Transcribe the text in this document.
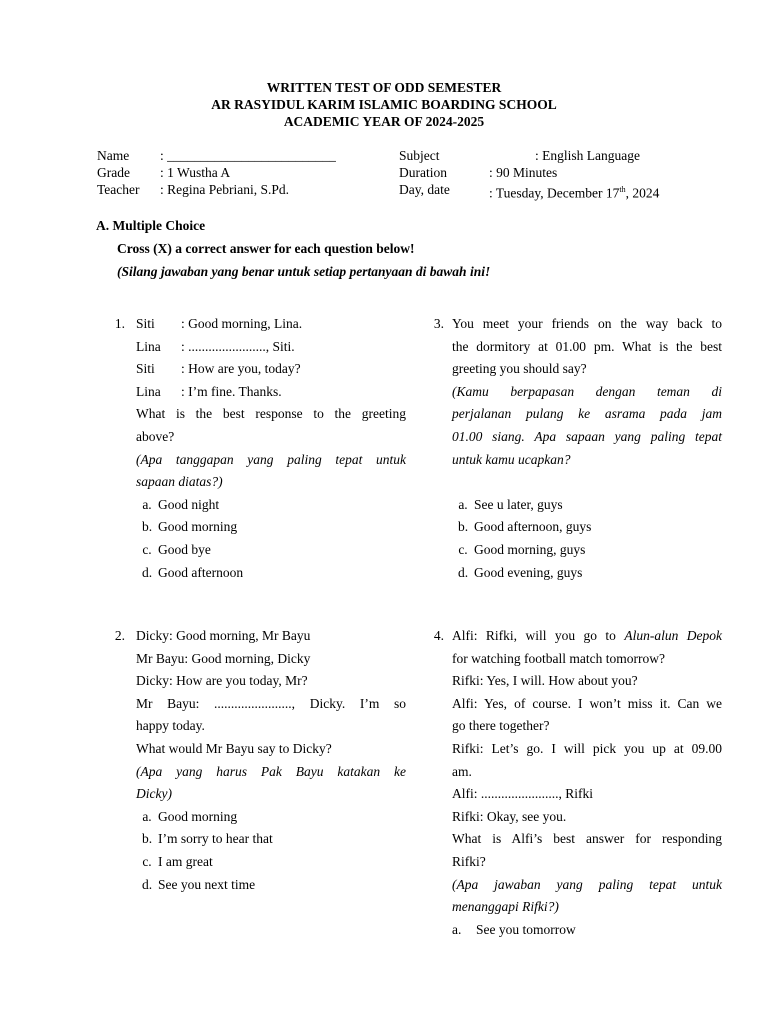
WRITTEN TEST OF ODD SEMESTER
AR RASYIDUL KARIM ISLAMIC BOARDING SCHOOL
ACADEMIC YEAR OF 2024-2025
Name	: _________________________
Grade	: 1 Wustha A
Teacher	: Regina Pebriani, S.Pd.
Subject	: English Language
Duration	: 90 Minutes
Day, date	: Tuesday, December 17th, 2024
A. Multiple Choice
Cross (X) a correct answer for each question below!
(Silang jawaban yang benar untuk setiap pertanyaan di bawah ini!
1. Siti	: Good morning, Lina.
Lina	: ......................., Siti.
Siti	: How are you, today?
Lina	: I’m fine. Thanks.
What is the best response to the greeting
above?
(Apa tanggapan yang paling tepat untuk
sapaan diatas?)
a. Good night
b. Good morning
c. Good bye
d. Good afternoon
2. Dicky: Good morning, Mr Bayu
Mr Bayu: Good morning, Dicky
Dicky: How are you today, Mr?
Mr Bayu: ......................., Dicky. I’m so
happy today.
What would Mr Bayu say to Dicky?
(Apa yang harus Pak Bayu katakan ke
Dicky)
a. Good morning
b. I’m sorry to hear that
c. I am great
d. See you next time
3. You meet your friends on the way back to
the dormitory at 01.00 pm. What is the best
greeting you should say?
(Kamu berpapasan dengan teman di
perjalanan pulang ke asrama pada jam
01.00 siang. Apa sapaan yang paling tepat
untuk kamu ucapkan?
a. See u later, guys
b. Good afternoon, guys
c. Good morning, guys
d. Good evening, guys
4. Alfi: Rifki, will you go to Alun-alun Depok
for watching football match tomorrow?
Rifki: Yes, I will. How about you?
Alfi: Yes, of course. I won’t miss it. Can we
go there together?
Rifki: Let’s go. I will pick you up at 09.00
am.
Alfi: ......................., Rifki
Rifki: Okay, see you.
What is Alfi’s best answer for responding
Rifki?
(Apa jawaban yang paling tepat untuk
menanggapi Rifki?)
a.	See you tomorrow
